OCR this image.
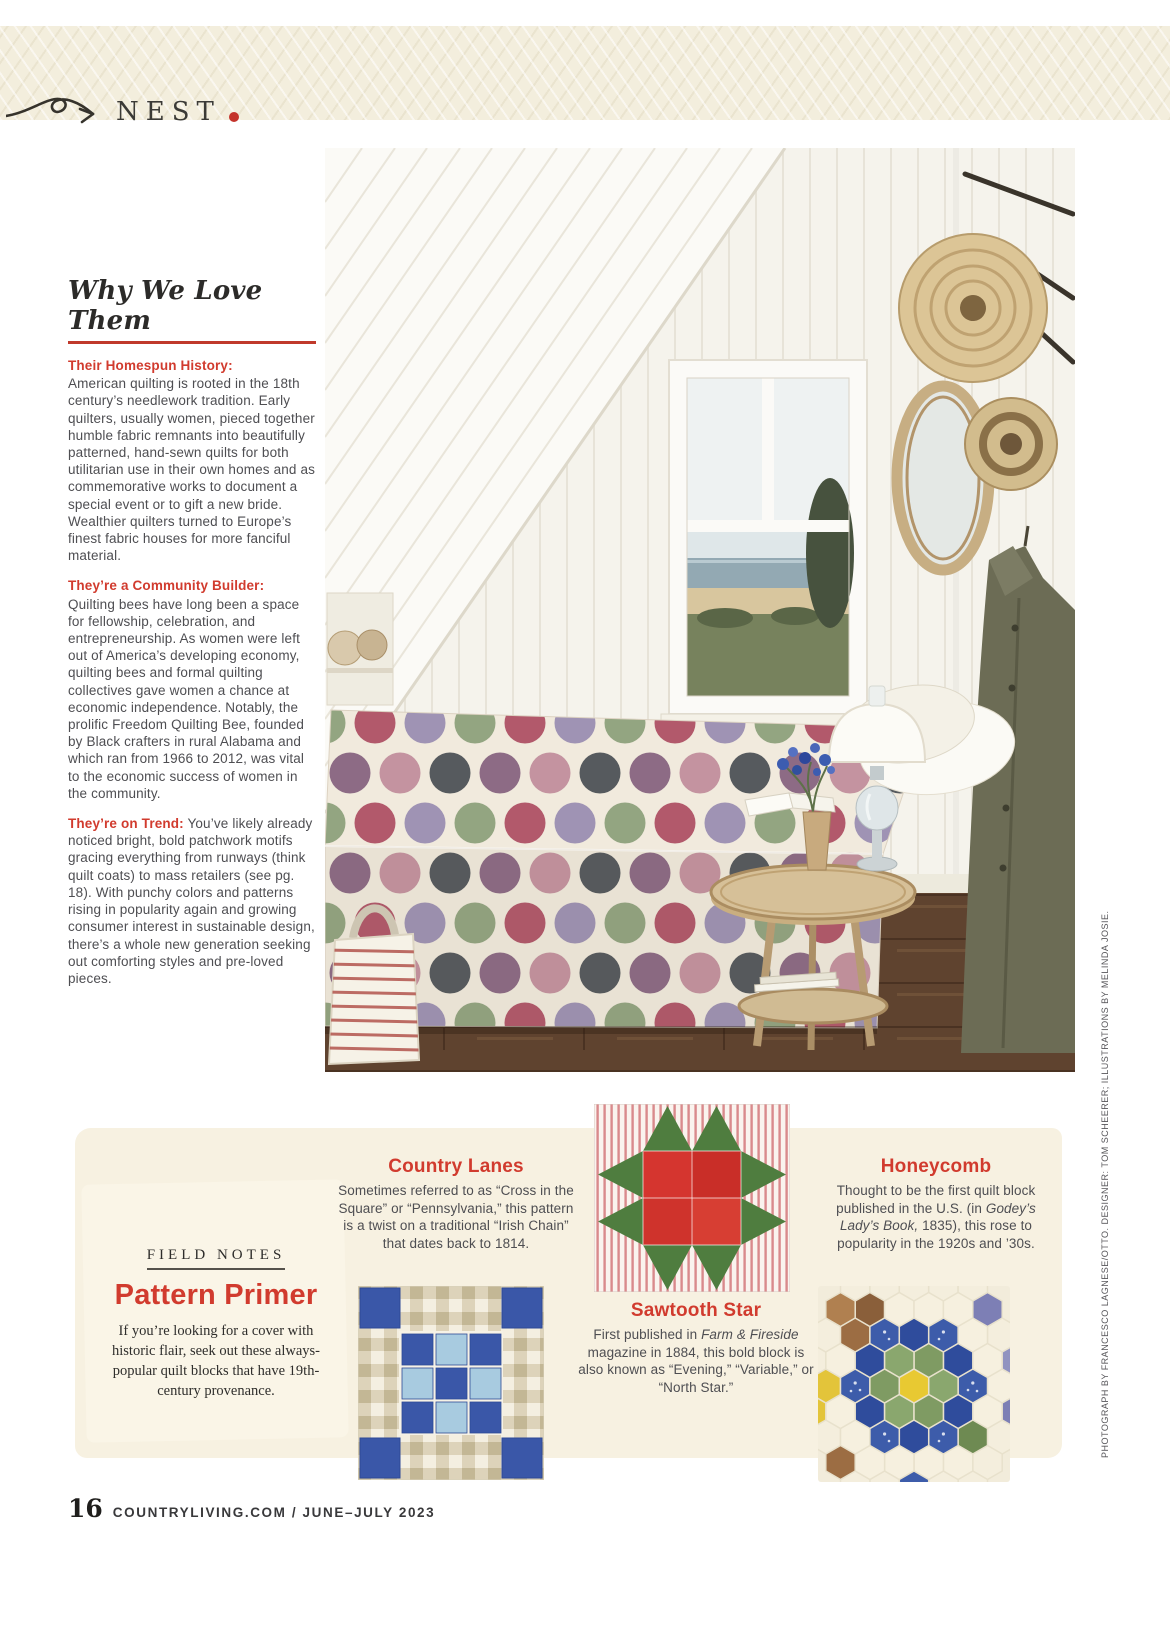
NEST
Why We Love Them
Their Homespun History:
American quilting is rooted in the 18th century’s needlework tradition. Early quilters, usually women, pieced together humble fabric remnants into beautifully patterned, hand-sewn quilts for both utilitarian use in their own homes and as commemorative works to document a special event or to gift a new bride. Wealthier quilters turned to Europe’s finest fabric houses for more fanciful material.
They’re a Community Builder:
Quilting bees have long been a space for fellowship, celebration, and entrepreneurship. As women were left out of America’s developing economy, quilting bees and formal quilting collectives gave women a chance at economic independence. Notably, the prolific Freedom Quilting Bee, founded by Black crafters in rural Alabama and which ran from 1966 to 2012, was vital to the economic success of women in the community.
They’re on Trend: You’ve likely already noticed bright, bold patchwork motifs gracing everything from runways (think quilt coats) to mass retailers (see pg. 18). With punchy colors and patterns rising in popularity again and growing consumer interest in sustainable design, there’s a whole new generation seeking out comforting styles and pre-loved pieces.	PHOTOGRAPH BY FRANCESCO LAGNESE/OTTO. DESIGNER: TOM SCHEERER; ILLUSTRATIONS BY MELINDA JOSIE.
FIELD NOTES
Pattern Primer
If you’re looking for a cover with historic flair, seek out these always-popular quilt blocks that have 19th-century provenance.
Country Lanes
Sometimes referred to as “Cross in the Square” or “Pennsylvania,” this pattern is a twist on a traditional “Irish Chain” that dates back to 1814.
Sawtooth Star
First published in Farm & Fireside magazine in 1884, this bold block is also known as “Evening,” “Variable,” or “North Star.”
Honeycomb
Thought to be the first quilt block published in the U.S. (in Godey’s Lady’s Book, 1835), this rose to popularity in the 1920s and ’30s.
16 COUNTRYLIVING.COM / JUNE–JULY 2023
